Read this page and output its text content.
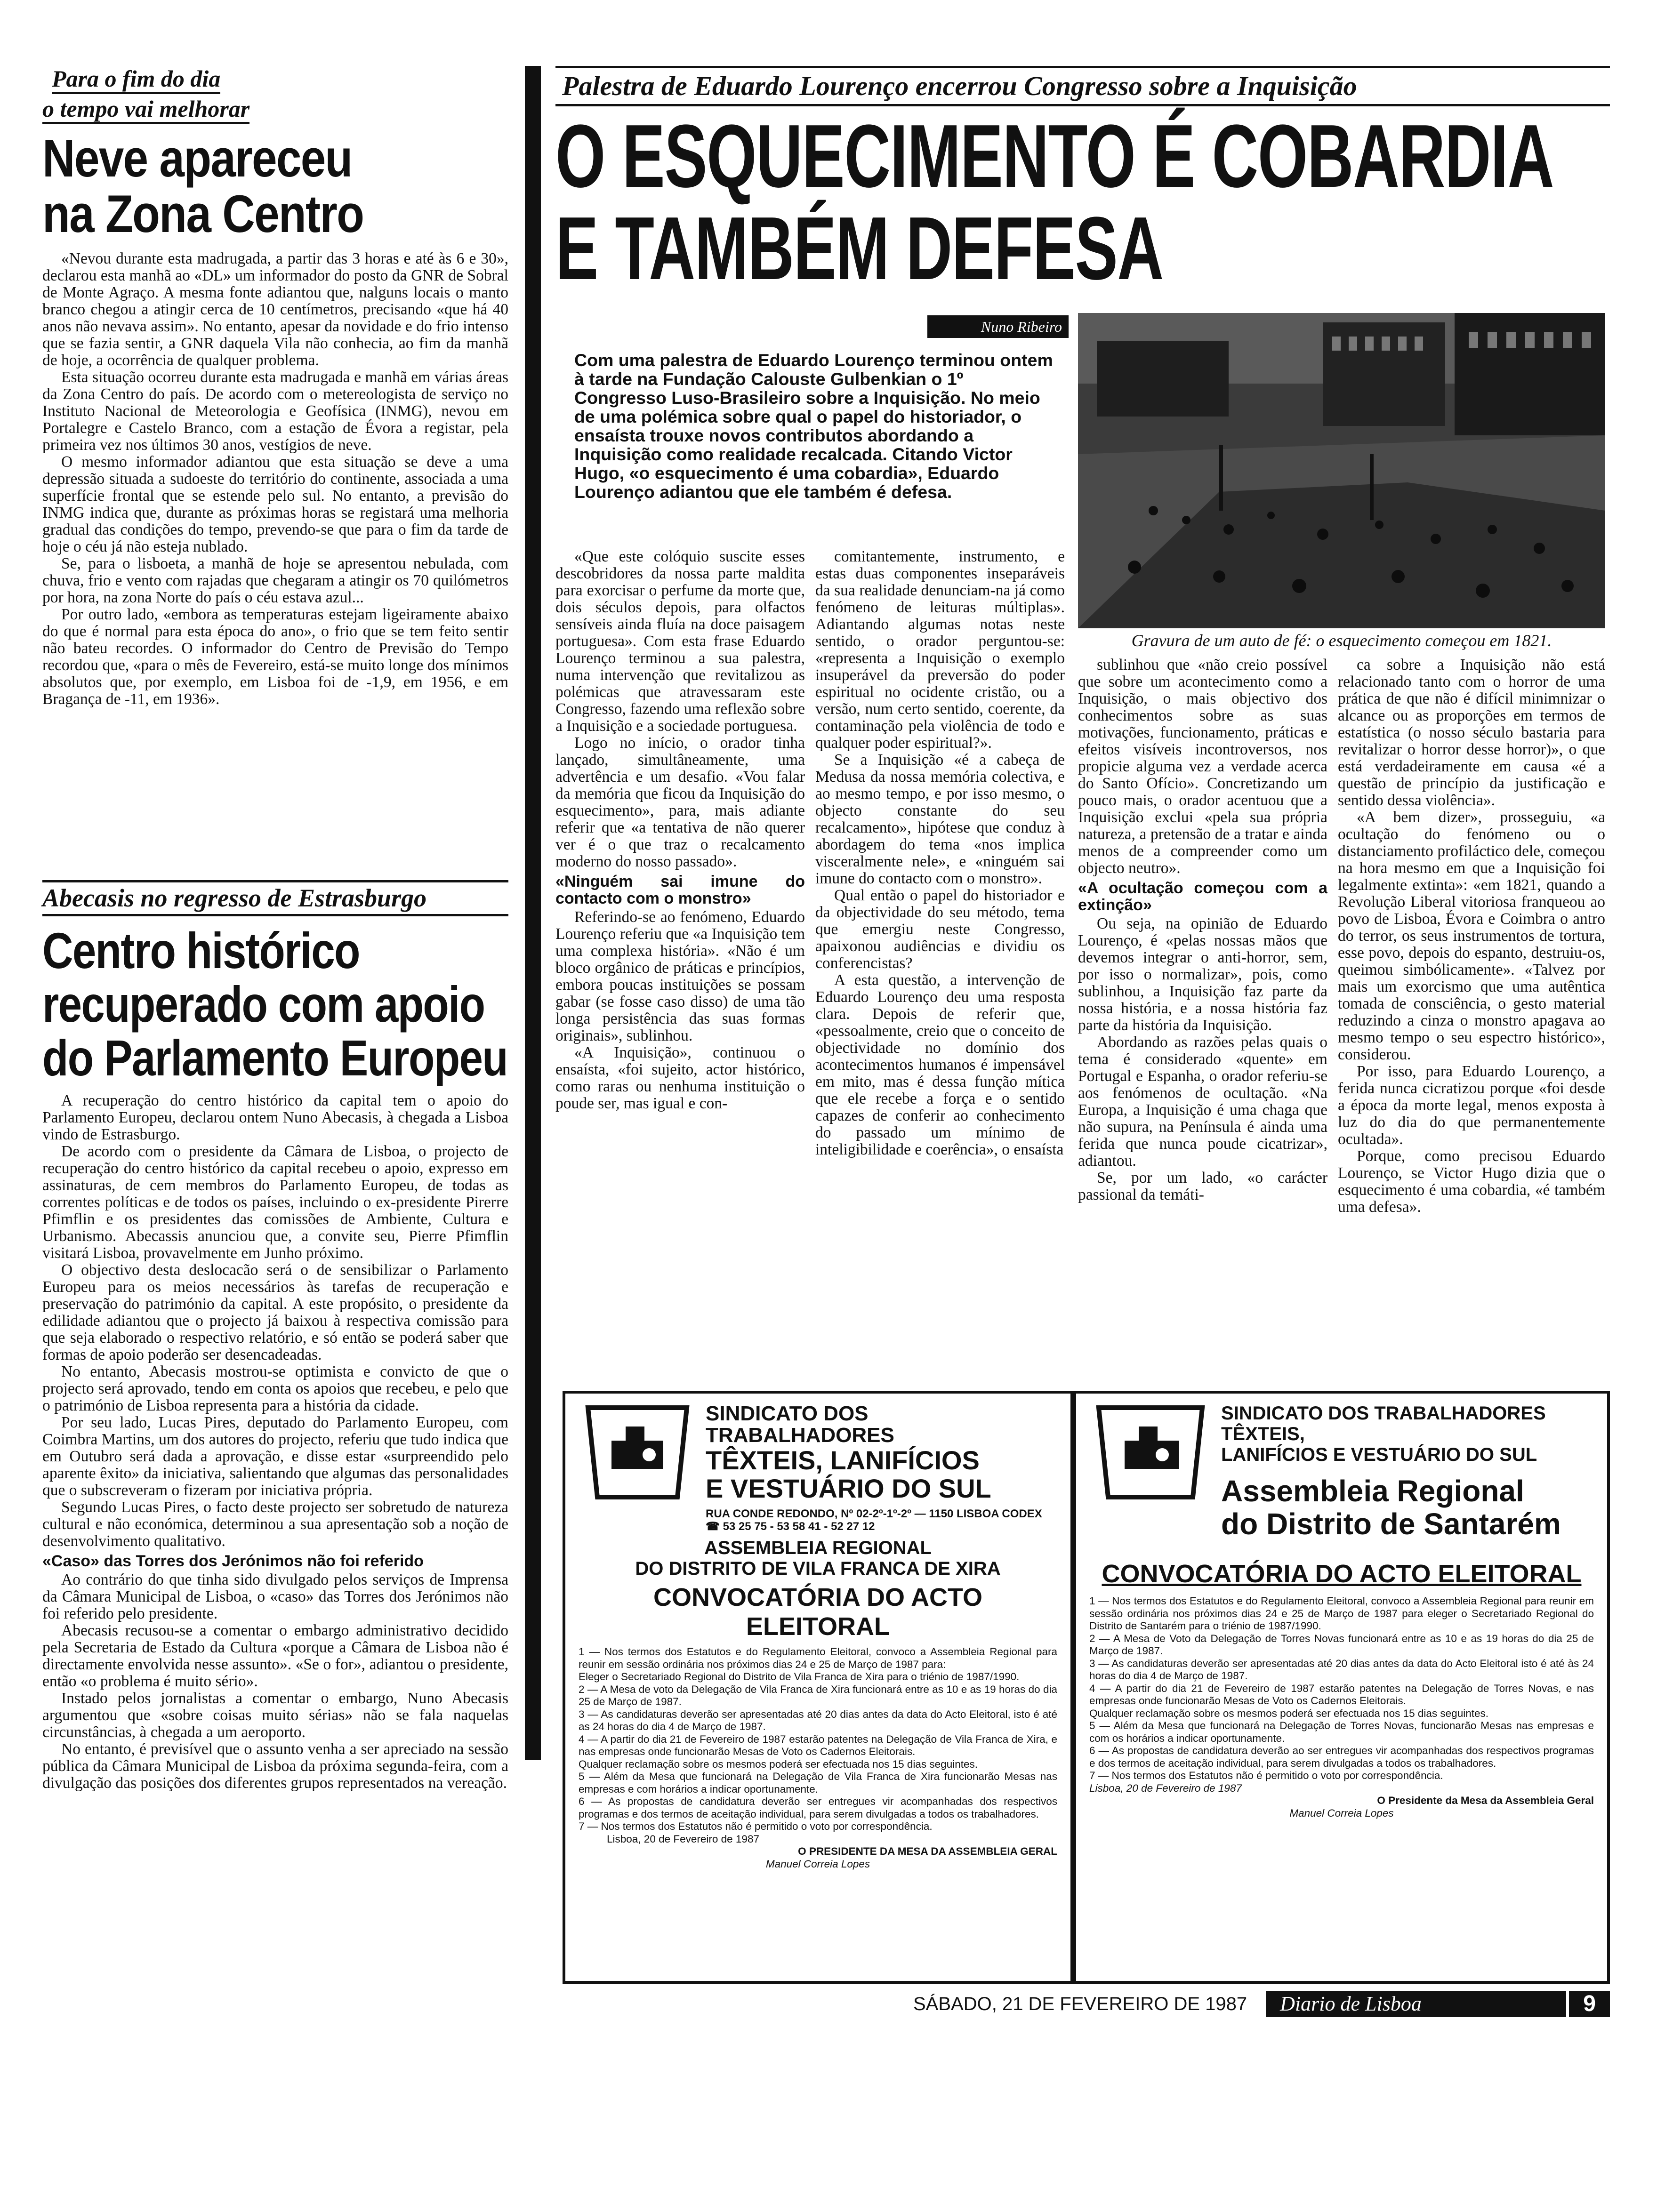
Para o fim do dia
o tempo vai melhorar
Neve apareceu
na Zona Centro

«Nevou durante esta madrugada, a partir das 3 horas e até às 6 e 30», declarou esta manhã ao «DL» um informador do posto da GNR de Sobral de Monte Agraço. A mesma fonte adiantou que, nalguns locais o manto branco chegou a atingir cerca de 10 centímetros, precisando «que há 40 anos não nevava assim». No entanto, apesar da novidade e do frio intenso que se fazia sentir, a GNR daquela Vila não conhecia, ao fim da manhã de hoje, a ocorrência de qualquer problema.

Esta situação ocorreu durante esta madrugada e manhã em várias áreas da Zona Centro do país. De acordo com o metereologista de serviço no Instituto Nacional de Meteorologia e Geofísica (INMG), nevou em Portalegre e Castelo Branco, com a estação de Évora a registar, pela primeira vez nos últimos 30 anos, vestígios de neve.

O mesmo informador adiantou que esta situação se deve a uma depressão situada a sudoeste do território do continente, associada a uma superfície frontal que se estende pelo sul. No entanto, a previsão do INMG indica que, durante as próximas horas se registará uma melhoria gradual das condições do tempo, prevendo-se que para o fim da tarde de hoje o céu já não esteja nublado.

Se, para o lisboeta, a manhã de hoje se apresentou nebulada, com chuva, frio e vento com rajadas que chegaram a atingir os 70 quilómetros por hora, na zona Norte do país o céu estava azul...

Por outro lado, «embora as temperaturas estejam ligeiramente abaixo do que é normal para esta época do ano», o frio que se tem feito sentir não bateu recordes. O informador do Centro de Previsão do Tempo recordou que, «para o mês de Fevereiro, está-se muito longe dos mínimos absolutos que, por exemplo, em Lisboa foi de -1,9, em 1956, e em Bragança de -11, em 1936».

Abecasis no regresso de Estrasburgo
Centro histórico
recuperado com apoio
do Parlamento Europeu

A recuperação do centro histórico da capital tem o apoio do Parlamento Europeu, declarou ontem Nuno Abecasis, à chegada a Lisboa vindo de Estrasburgo.

De acordo com o presidente da Câmara de Lisboa, o projecto de recuperação do centro histórico da capital recebeu o apoio, expresso em assinaturas, de cem membros do Parlamento Europeu, de todas as correntes políticas e de todos os países, incluindo o ex-presidente Pirerre Pfimflin e os presidentes das comissões de Ambiente, Cultura e Urbanismo. Abecassis anunciou que, a convite seu, Pierre Pfimflin visitará Lisboa, provavelmente em Junho próximo.

O objectivo desta deslocacão será o de sensibilizar o Parlamento Europeu para os meios necessários às tarefas de recuperação e preservação do património da capital. A este propósito, o presidente da edilidade adiantou que o projecto já baixou à respectiva comissão para que seja elaborado o respectivo relatório, e só então se poderá saber que formas de apoio poderão ser desencadeadas.

No entanto, Abecasis mostrou-se optimista e convicto de que o projecto será aprovado, tendo em conta os apoios que recebeu, e pelo que o património de Lisboa representa para a história da cidade.

Por seu lado, Lucas Pires, deputado do Parlamento Europeu, com Coimbra Martins, um dos autores do projecto, referiu que tudo indica que em Outubro será dada a aprovação, e disse estar «surpreendido pelo aparente êxito» da iniciativa, salientando que algumas das personalidades que o subscreveram o fizeram por iniciativa própria.

Segundo Lucas Pires, o facto deste projecto ser sobretudo de natureza cultural e não económica, determinou a sua apresentação sob a noção de desenvolvimento qualitativo.

«Caso» das Torres dos Jerónimos não foi referido

Ao contrário do que tinha sido divulgado pelos serviços de Imprensa da Câmara Municipal de Lisboa, o «caso» das Torres dos Jerónimos não foi referido pelo presidente.

Abecasis recusou-se a comentar o embargo administrativo decidido pela Secretaria de Estado da Cultura «porque a Câmara de Lisboa não é directamente envolvida nesse assunto». «Se o for», adiantou o presidente, então «o problema é muito sério».

Instado pelos jornalistas a comentar o embargo, Nuno Abecasis argumentou que «sobre coisas muito sérias» não se fala naquelas circunstâncias, à chegada a um aeroporto.

No entanto, é previsível que o assunto venha a ser apreciado na sessão pública da Câmara Municipal de Lisboa da próxima segunda-feira, com a divulgação das posições dos diferentes grupos representados na vereação.

Palestra de Eduardo Lourenço encerrou Congresso sobre a Inquisição
O ESQUECIMENTO É COBARDIA
E TAMBÉM DEFESA
Nuno Ribeiro
Gravura de um auto de fé: o esquecimento começou em 1821.
Com uma palestra de Eduardo Lourenço terminou ontem à tarde na Fundação Calouste Gulbenkian o 1º Congresso Luso-Brasileiro sobre a Inquisição. No meio de uma polémica sobre qual o papel do historiador, o ensaísta trouxe novos contributos abordando a Inquisição como realidade recalcada. Citando Victor Hugo, «o esquecimento é uma cobardia», Eduardo Lourenço adiantou que ele também é defesa.

«Que este colóquio suscite esses descobridores da nossa parte maldita para exorcisar o perfume da morte que, dois séculos depois, para olfactos sensíveis ainda fluía na doce paisagem portuguesa». Com esta frase Eduardo Lourenço terminou a sua palestra, numa intervenção que revitalizou as polémicas que atravessaram este Congresso, fazendo uma reflexão sobre a Inquisição e a sociedade portuguesa.

Logo no início, o orador tinha lançado, simultâneamente, uma advertência e um desafio. «Vou falar da memória que ficou da Inquisição do esquecimento», para, mais adiante referir que «a tentativa de não querer ver é o que traz o recalcamento moderno do nosso passado».

«Ninguém sai imune do contacto com o monstro»

Referindo-se ao fenómeno, Eduardo Lourenço referiu que «a Inquisição tem uma complexa história». «Não é um bloco orgânico de práticas e princípios, embora poucas instituições se possam gabar (se fosse caso disso) de uma tão longa persistência das suas formas originais», sublinhou.

«A Inquisição», continuou o ensaísta, «foi sujeito, actor histórico, como raras ou nenhuma instituição o poude ser, mas igual e con-

comitantemente, instrumento, e estas duas componentes inseparáveis da sua realidade denunciam-na já como fenómeno de leituras múltiplas». Adiantando algumas notas neste sentido, o orador perguntou-se: «representa a Inquisição o exemplo insuperável da preversão do poder espiritual no ocidente cristão, ou a versão, num certo sentido, coerente, da contaminação pela violência de todo e qualquer poder espiritual?».

Se a Inquisição «é a cabeça de Medusa da nossa memória colectiva, e ao mesmo tempo, e por isso mesmo, o objecto constante do seu recalcamento», hipótese que conduz à abordagem do tema «nos implica visceralmente nele», e «ninguém sai imune do contacto com o monstro».

Qual então o papel do historiador e da objectividade do seu método, tema que emergiu neste Congresso, apaixonou audiências e dividiu os conferencistas?

A esta questão, a intervenção de Eduardo Lourenço deu uma resposta clara. Depois de referir que, «pessoalmente, creio que o conceito de objectividade no domínio dos acontecimentos humanos é impensável em mito, mas é dessa função mítica que ele recebe a força e o sentido capazes de conferir ao conhecimento do passado um mínimo de inteligibilidade e coerência», o ensaísta

sublinhou que «não creio possível que sobre um acontecimento como a Inquisição, o mais objectivo dos conhecimentos sobre as suas motivações, funcionamento, práticas e efeitos visíveis incontroversos, nos propicie alguma vez a verdade acerca do Santo Ofício». Concretizando um pouco mais, o orador acentuou que a Inquisição exclui «pela sua própria natureza, a pretensão de a tratar e ainda menos de a compreender como um objecto neutro».

«A ocultação começou com a extinção»

Ou seja, na opinião de Eduardo Lourenço, é «pelas nossas mãos que devemos integrar o anti-horror, sem, por isso o normalizar», pois, como sublinhou, a Inquisição faz parte da nossa história, e a nossa história faz parte da história da Inquisição.

Abordando as razões pelas quais o tema é considerado «quente» em Portugal e Espanha, o orador referiu-se aos fenómenos de ocultação. «Na Europa, a Inquisição é uma chaga que não supura, na Península é ainda uma ferida que nunca poude cicatrizar», adiantou.

Se, por um lado, «o carácter passional da temáti-

ca sobre a Inquisição não está relacionado tanto com o horror de uma prática de que não é difícil minimnizar o alcance ou as proporções em termos de estatística (o nosso século bastaria para revitalizar o horror desse horror)», o que está verdadeiramente em causa «é a questão de princípio da justificação e sentido dessa violência».

«A bem dizer», prosseguiu, «a ocultação do fenómeno ou o distanciamento profiláctico dele, começou na hora mesmo em que a Inquisição foi legalmente extinta»: «em 1821, quando a Revolução Liberal vitoriosa franqueou ao povo de Lisboa, Évora e Coimbra o antro do terror, os seus instrumentos de tortura, esse povo, depois do espanto, destruiu-os, queimou simbólicamente». «Talvez por mais um exorcismo que uma autêntica tomada de consciência, o gesto material reduzindo a cinza o monstro apagava ao mesmo tempo o seu espectro histórico», considerou.

Por isso, para Eduardo Lourenço, a ferida nunca cicratizou porque «foi desde a época da morte legal, menos exposta à luz do dia do que permanentemente ocultada».

Porque, como precisou Eduardo Lourenço, se Victor Hugo dizia que o esquecimento é uma cobardia, «é também uma defesa».

SINDICATO DOS TRABALHADORES
TÊXTEIS, LANIFÍCIOS
E VESTUÁRIO DO SUL
RUA CONDE REDONDO, Nº 02-2º-1º-2º — 1150 LISBOA CODEX
☎ 53 25 75 - 53 58 41 - 52 27 12
ASSEMBLEIA REGIONAL
DO DISTRITO DE VILA FRANCA DE XIRA
CONVOCATÓRIA DO ACTO ELEITORAL

1 — Nos termos dos Estatutos e do Regulamento Eleitoral, convoco a Assembleia Regional para reunir em sessão ordinária nos próximos dias 24 e 25 de Março de 1987 para:

Eleger o Secretariado Regional do Distrito de Vila Franca de Xira para o triénio de 1987/1990.

2 — A Mesa de voto da Delegação de Vila Franca de Xira funcionará entre as 10 e as 19 horas do dia 25 de Março de 1987.

3 — As candidaturas deverão ser apresentadas até 20 dias antes da data do Acto Eleitoral, isto é até as 24 horas do dia 4 de Março de 1987.

4 — A partir do dia 21 de Fevereiro de 1987 estarão patentes na Delegação de Vila Franca de Xira, e nas empresas onde funcionarão Mesas de Voto os Cadernos Eleitorais.

Qualquer reclamação sobre os mesmos poderá ser efectuada nos 15 dias seguintes.

5 — Além da Mesa que funcionará na Delegação de Vila Franca de Xira funcionarão Mesas nas empresas e com horários a indicar oportunamente.

6 — As propostas de candidatura deverão ser entregues vir acompanhadas dos respectivos programas e dos termos de aceitação individual, para serem divulgadas a todos os trabalhadores.

7 — Nos termos dos Estatutos não é permitido o voto por correspondência.

Lisboa, 20 de Fevereiro de 1987

O PRESIDENTE DA MESA DA ASSEMBLEIA GERAL

Manuel Correia Lopes

SINDICATO DOS TRABALHADORES TÊXTEIS,
LANIFÍCIOS E VESTUÁRIO DO SUL
Assembleia Regional
do Distrito de Santarém
CONVOCATÓRIA DO ACTO ELEITORAL

1 — Nos termos dos Estatutos e do Regulamento Eleitoral, convoco a Assembleia Regional para reunir em sessão ordinária nos próximos dias 24 e 25 de Março de 1987 para eleger o Secretariado Regional do Distrito de Santarém para o triénio de 1987/1990.

2 — A Mesa de Voto da Delegação de Torres Novas funcionará entre as 10 e as 19 horas do dia 25 de Março de 1987.

3 — As candidaturas deverão ser apresentadas até 20 dias antes da data do Acto Eleitoral isto é até às 24 horas do dia 4 de Março de 1987.

4 — A partir do dia 21 de Fevereiro de 1987 estarão patentes na Delegação de Torres Novas, e nas empresas onde funcionarão Mesas de Voto os Cadernos Eleitorais.

Qualquer reclamação sobre os mesmos poderá ser efectuada nos 15 dias seguintes.

5 — Além da Mesa que funcionará na Delegação de Torres Novas, funcionarão Mesas nas empresas e com os horários a indicar oportunamente.

6 — As propostas de candidatura deverão ao ser entregues vir acompanhadas dos respectivos programas e dos termos de aceitação individual, para serem divulgadas a todos os trabalhadores.

7 — Nos termos dos Estatutos não é permitido o voto por correspondência.

Lisboa, 20 de Fevereiro de 1987

O Presidente da Mesa da Assembleia Geral

Manuel Correia Lopes

SÁBADO, 21 DE FEVEREIRO DE 1987	Diario de Lisboa	9
